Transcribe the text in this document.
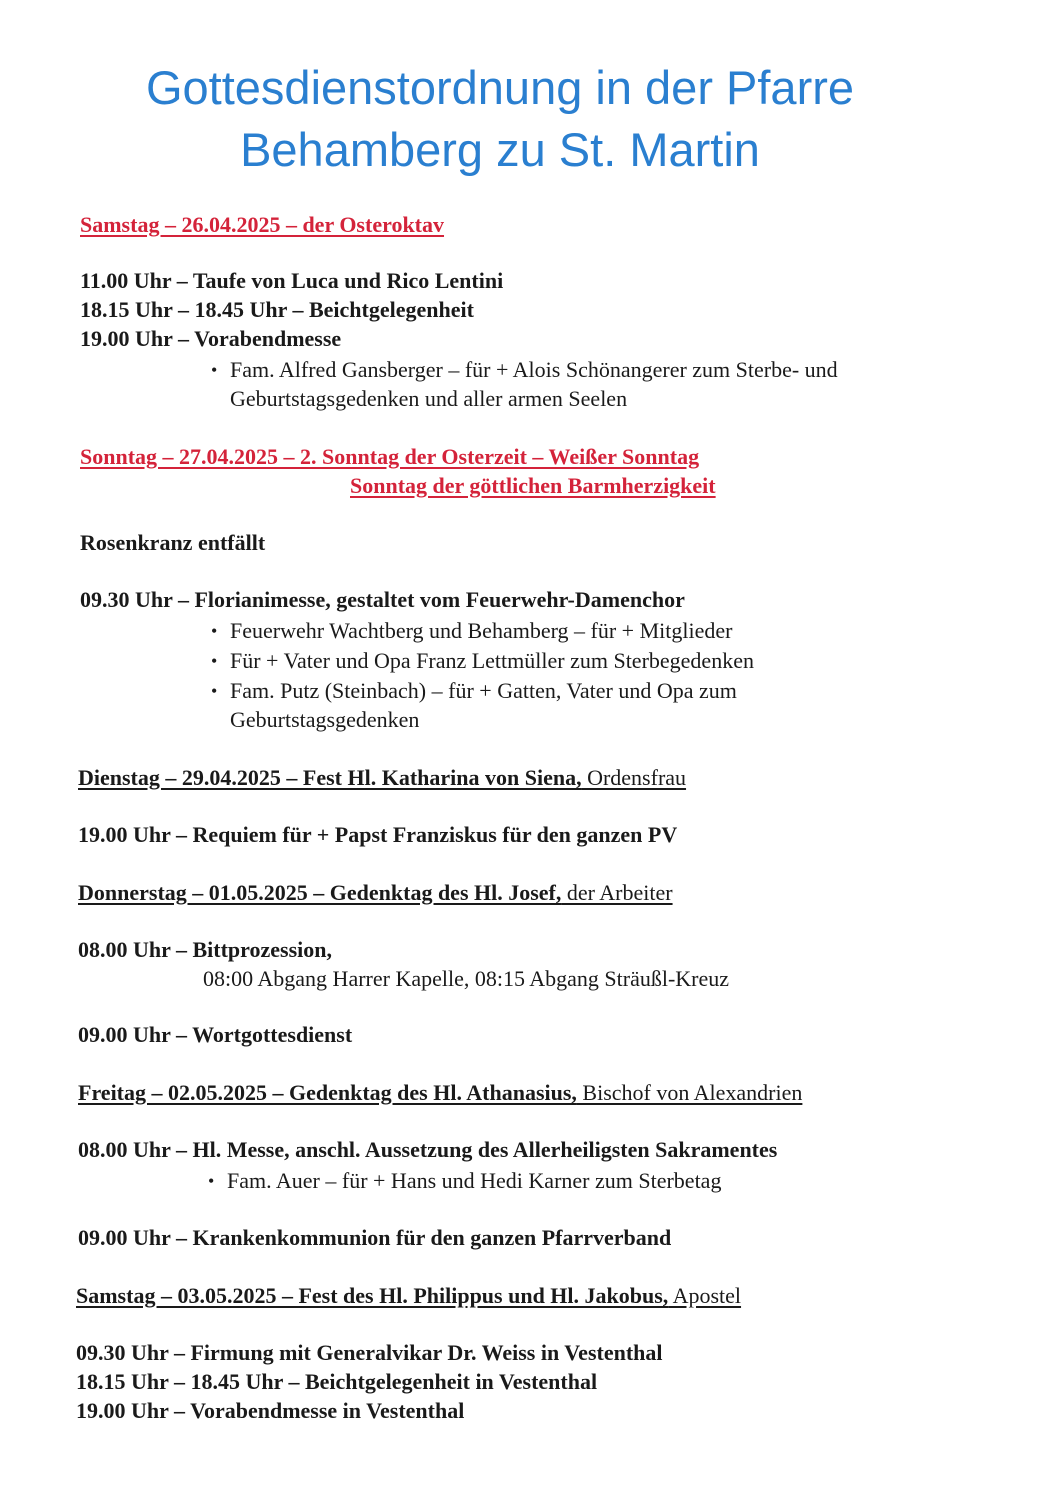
Gottesdienstordnung in der Pfarre
Behamberg zu St. Martin
Samstag – 26.04.2025 – der Osteroktav
11.00 Uhr – Taufe von Luca und Rico Lentini
18.15 Uhr – 18.45 Uhr – Beichtgelegenheit
19.00 Uhr – Vorabendmesse
• Fam. Alfred Gansberger – für + Alois Schönangerer zum Sterbe- und
Geburtstagsgedenken und aller armen Seelen
Sonntag – 27.04.2025 – 2. Sonntag der Osterzeit – Weißer Sonntag
Sonntag der göttlichen Barmherzigkeit
Rosenkranz entfällt
09.30 Uhr – Florianimesse, gestaltet vom Feuerwehr-Damenchor
• Feuerwehr Wachtberg und Behamberg – für + Mitglieder
• Für + Vater und Opa Franz Lettmüller zum Sterbegedenken
• Fam. Putz (Steinbach) – für + Gatten, Vater und Opa zum
Geburtstagsgedenken
Dienstag – 29.04.2025 – Fest Hl. Katharina von Siena, Ordensfrau
19.00 Uhr – Requiem für + Papst Franziskus für den ganzen PV
Donnerstag – 01.05.2025 – Gedenktag des Hl. Josef, der Arbeiter
08.00 Uhr – Bittprozession,
08:00 Abgang Harrer Kapelle, 08:15 Abgang Sträußl-Kreuz
09.00 Uhr – Wortgottesdienst
Freitag – 02.05.2025 – Gedenktag des Hl. Athanasius, Bischof von Alexandrien
08.00 Uhr – Hl. Messe, anschl. Aussetzung des Allerheiligsten Sakramentes
• Fam. Auer – für + Hans und Hedi Karner zum Sterbetag
09.00 Uhr – Krankenkommunion für den ganzen Pfarrverband
Samstag – 03.05.2025 – Fest des Hl. Philippus und Hl. Jakobus, Apostel
09.30 Uhr – Firmung mit Generalvikar Dr. Weiss in Vestenthal
18.15 Uhr – 18.45 Uhr – Beichtgelegenheit in Vestenthal
19.00 Uhr – Vorabendmesse in Vestenthal
